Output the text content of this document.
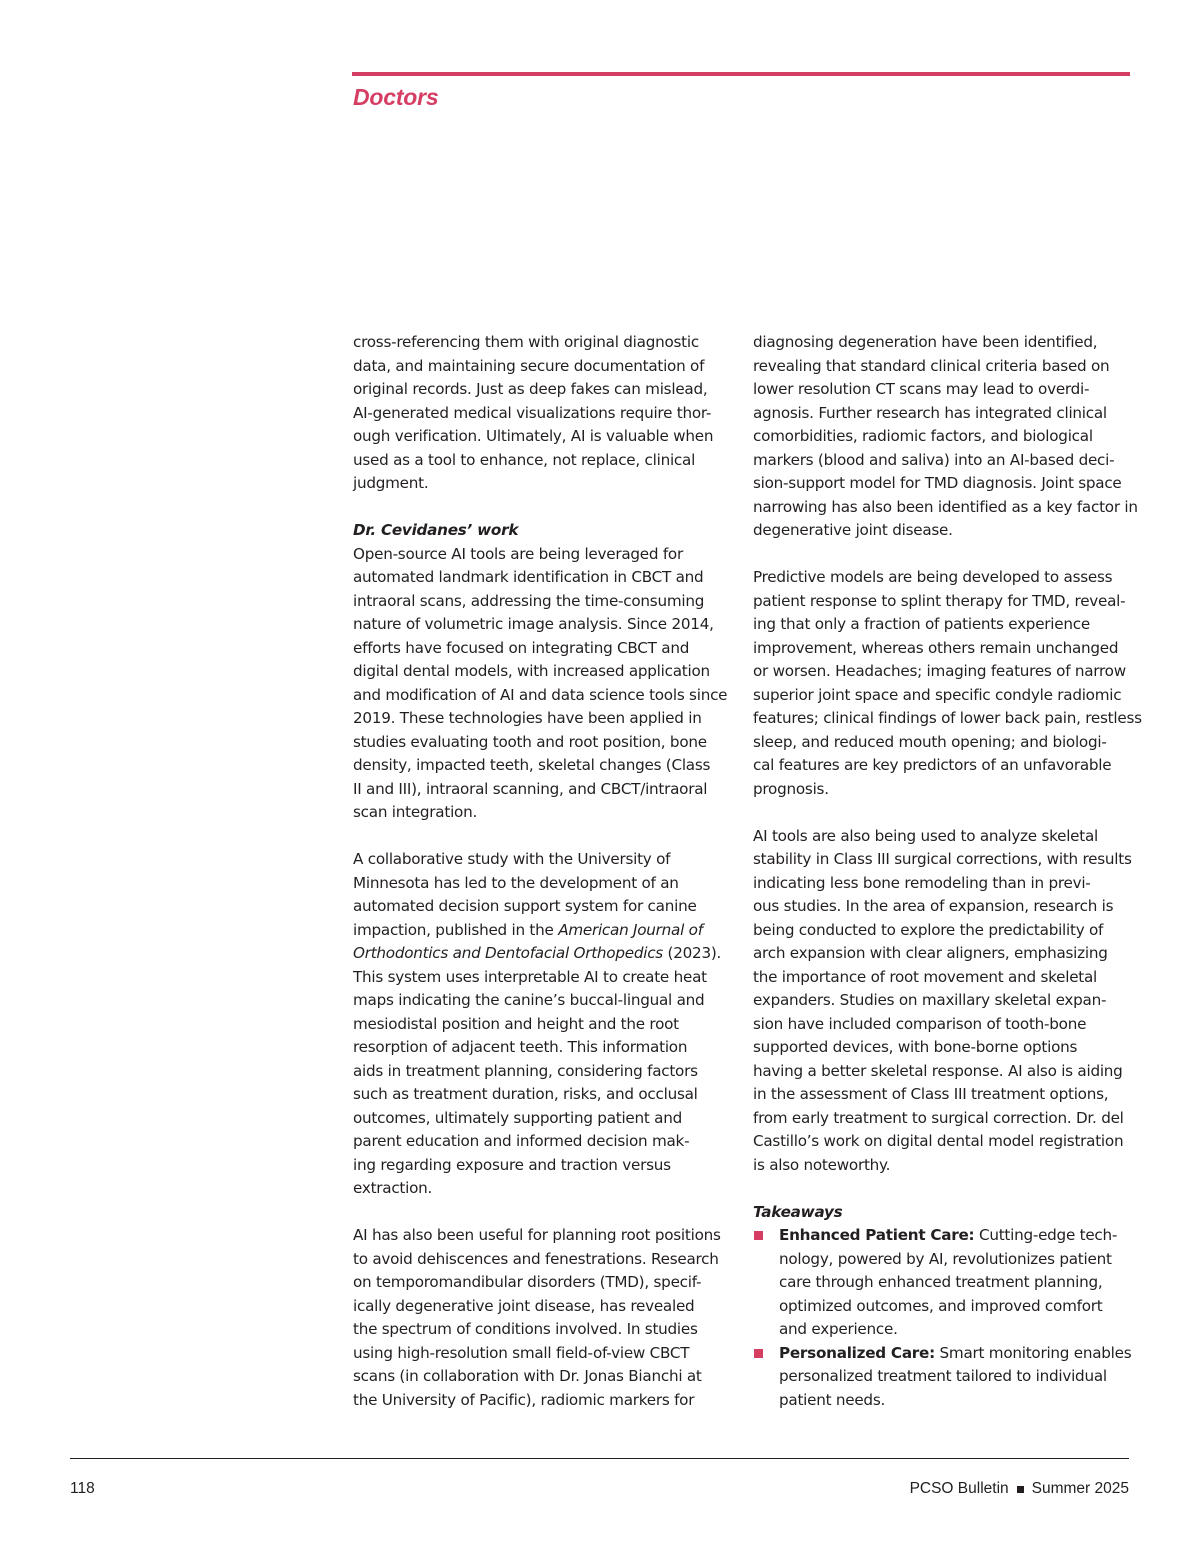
Doctors

cross-referencing them with original diagnostic
data, and maintaining secure documentation of
original records. Just as deep fakes can mislead,
AI-generated medical visualizations require thor-
ough verification. Ultimately, AI is valuable when
used as a tool to enhance, not replace, clinical
judgment.

Dr. Cevidanes’ work
Open-source AI tools are being leveraged for
automated landmark identification in CBCT and
intraoral scans, addressing the time-consuming
nature of volumetric image analysis. Since 2014,
efforts have focused on integrating CBCT and
digital dental models, with increased application
and modification of AI and data science tools since
2019. These technologies have been applied in
studies evaluating tooth and root position, bone
density, impacted teeth, skeletal changes (Class
II and III), intraoral scanning, and CBCT/intraoral
scan integration.

A collaborative study with the University of
Minnesota has led to the development of an
automated decision support system for canine
impaction, published in the American Journal of
Orthodontics and Dentofacial Orthopedics (2023).
This system uses interpretable AI to create heat
maps indicating the canine’s buccal-lingual and
mesiodistal position and height and the root
resorption of adjacent teeth. This information
aids in treatment planning, considering factors
such as treatment duration, risks, and occlusal
outcomes, ultimately supporting patient and
parent education and informed decision mak-
ing regarding exposure and traction versus
extraction.

AI has also been useful for planning root positions
to avoid dehiscences and fenestrations. Research
on temporomandibular disorders (TMD), specif-
ically degenerative joint disease, has revealed
the spectrum of conditions involved. In studies
using high-resolution small field-of-view CBCT
scans (in collaboration with Dr. Jonas Bianchi at
the University of Pacific), radiomic markers for

diagnosing degeneration have been identified,
revealing that standard clinical criteria based on
lower resolution CT scans may lead to overdi-
agnosis. Further research has integrated clinical
comorbidities, radiomic factors, and biological
markers (blood and saliva) into an AI-based deci-
sion-support model for TMD diagnosis. Joint space
narrowing has also been identified as a key factor in
degenerative joint disease.

Predictive models are being developed to assess
patient response to splint therapy for TMD, reveal-
ing that only a fraction of patients experience
improvement, whereas others remain unchanged
or worsen. Headaches; imaging features of narrow
superior joint space and specific condyle radiomic
features; clinical findings of lower back pain, restless
sleep, and reduced mouth opening; and biologi-
cal features are key predictors of an unfavorable
prognosis.

AI tools are also being used to analyze skeletal
stability in Class III surgical corrections, with results
indicating less bone remodeling than in previ-
ous studies. In the area of expansion, research is
being conducted to explore the predictability of
arch expansion with clear aligners, emphasizing
the importance of root movement and skeletal
expanders. Studies on maxillary skeletal expan-
sion have included comparison of tooth-bone
supported devices, with bone-borne options
having a better skeletal response. AI also is aiding
in the assessment of Class III treatment options,
from early treatment to surgical correction. Dr. del
Castillo’s work on digital dental model registration
is also noteworthy.

Takeaways
Enhanced Patient Care: Cutting-edge tech-
nology, powered by AI, revolutionizes patient
care through enhanced treatment planning,
optimized outcomes, and improved comfort
and experience.
Personalized Care: Smart monitoring enables
personalized treatment tailored to individual
patient needs.
118	PCSO Bulletin Summer 2025
